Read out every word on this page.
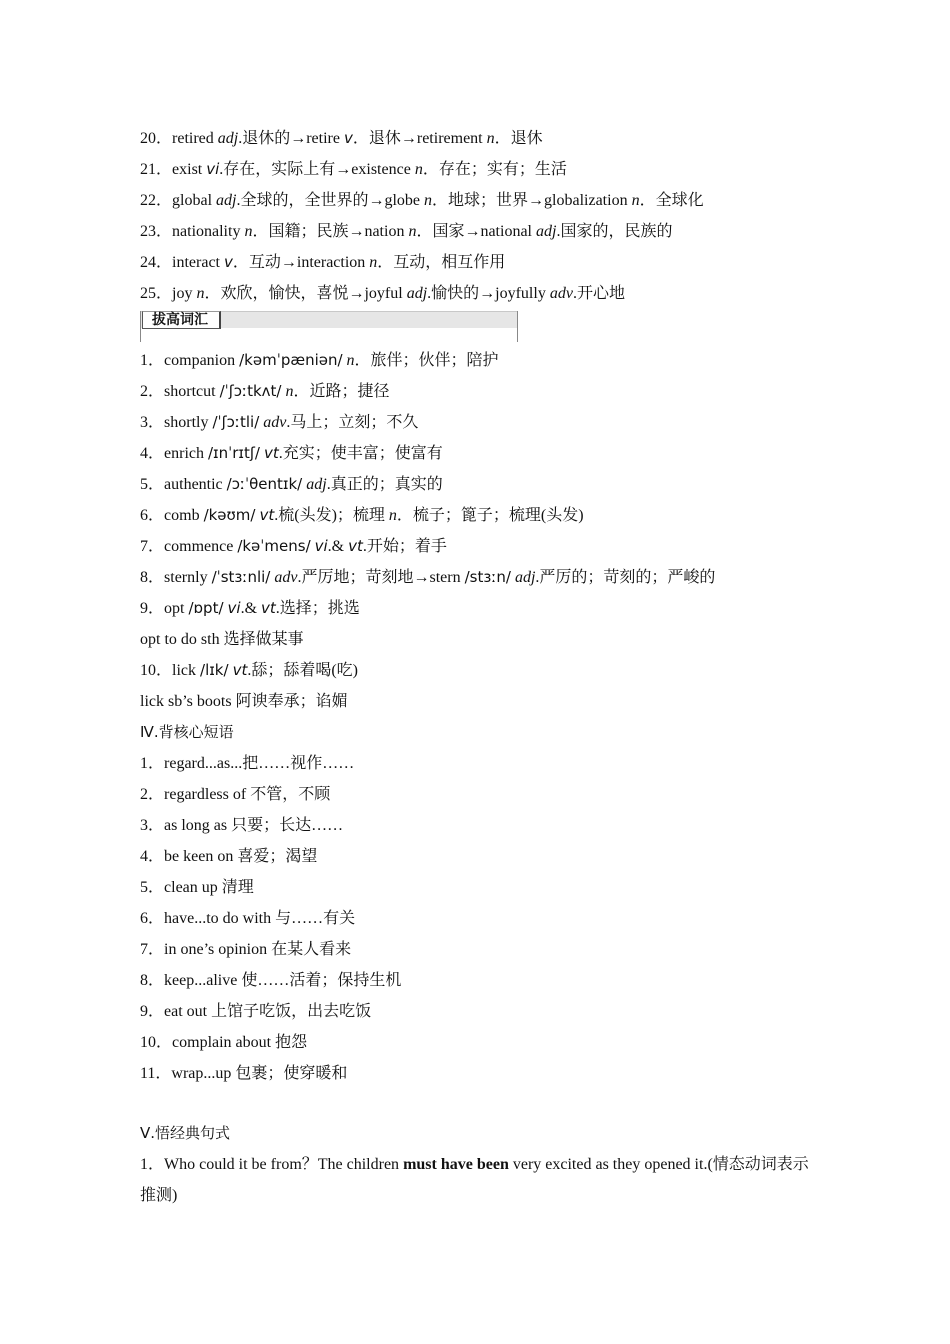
20．retired adj.退休的→retire v．退休→retirement n．退休
21．exist vi.存在，实际上有→existence n．存在；实有；生活
22．global adj.全球的，全世界的→globe n．地球；世界→globalization n．全球化
23．nationality n．国籍；民族→nation n．国家→national adj.国家的，民族的
24．interact v．互动→interaction n．互动，相互作用
25．joy n．欢欣，愉快，喜悦→joyful adj.愉快的→joyfully adv.开心地
拔高词汇
1．companion /kəmˈpæniən/ n．旅伴；伙伴；陪护
2．shortcut /ˈʃɔːtkʌt/ n．近路；捷径
3．shortly /ˈʃɔːtli/ adv.马上；立刻；不久
4．enrich /ɪnˈrɪtʃ/ vt.充实；使丰富；使富有
5．authentic /ɔːˈθentɪk/ adj.真正的；真实的
6．comb /kəʊm/ vt.梳(头发)；梳理 n．梳子；篦子；梳理(头发)
7．commence /kəˈmens/ vi.& vt.开始；着手
8．sternly /ˈstɜːnli/ adv.严厉地；苛刻地→stern /stɜːn/ adj.严厉的；苛刻的；严峻的
9．opt /ɒpt/ vi.& vt.选择；挑选
opt to do sth 选择做某事
10．lick /lɪk/ vt.舔；舔着喝(吃)
lick sb’s boots 阿谀奉承；谄媚
Ⅳ.背核心短语
1．regard...as...把……视作……
2．regardless of 不管，不顾
3．as long as 只要；长达……
4．be keen on 喜爱；渴望
5．clean up 清理
6．have...to do with 与……有关
7．in one’s opinion 在某人看来
8．keep...alive 使……活着；保持生机
9．eat out 上馆子吃饭，出去吃饭
10．complain about 抱怨
11．wrap...up 包裹；使穿暖和
Ⅴ.悟经典句式
1．Who could it be from？The children must have been very excited as they opened it.(情态动词表示推测)
